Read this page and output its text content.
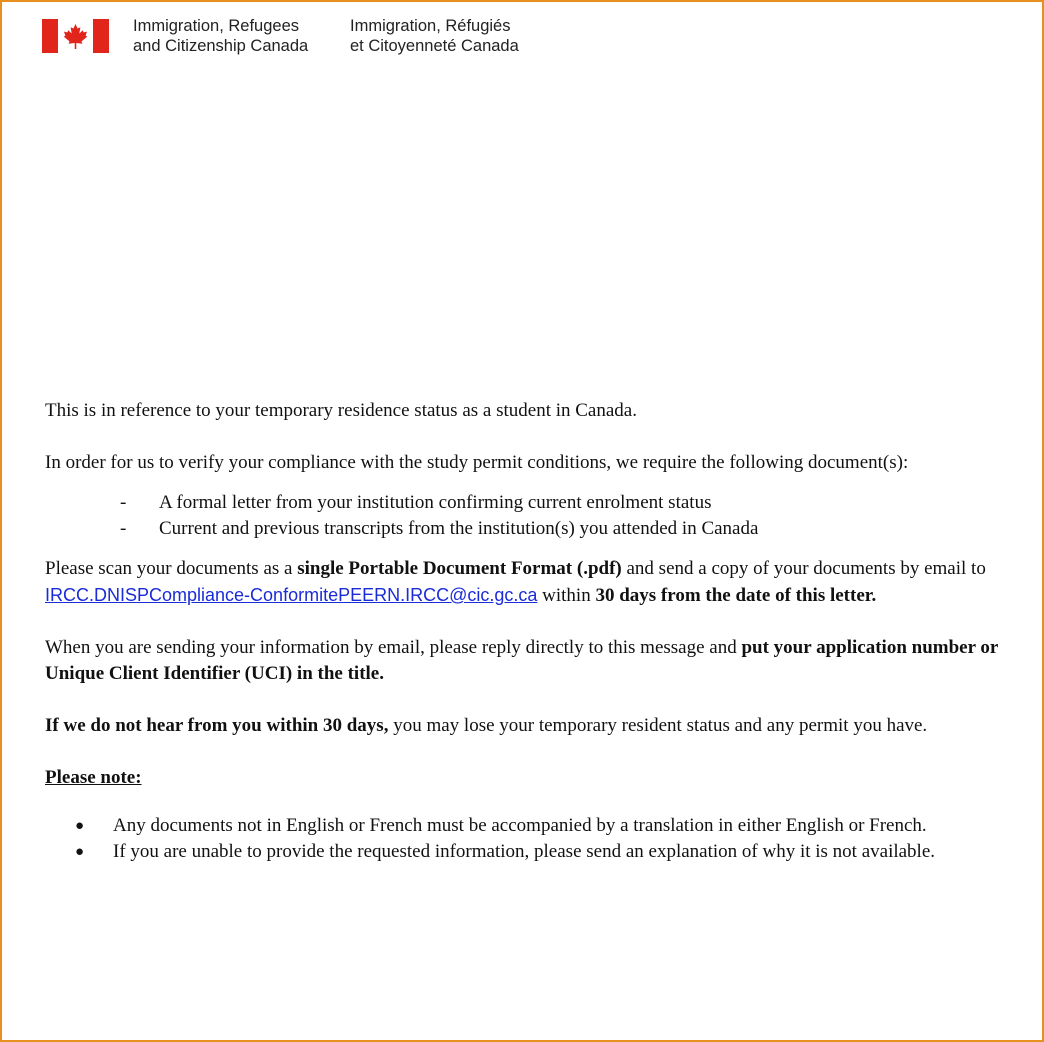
Immigration, Refugees
and Citizenship Canada
Immigration, Réfugiés
et Citoyenneté Canada

This is in reference to your temporary residence status as a student in Canada.

In order for us to verify your compliance with the study permit conditions, we require the following document(s):

- A formal letter from your institution confirming current enrolment status
- Current and previous transcripts from the institution(s) you attended in Canada

Please scan your documents as a single Portable Document Format (.pdf) and send a copy of your documents by email to IRCC.DNISPCompliance-ConformitePEERN.IRCC@cic.gc.ca within 30 days from the date of this letter.

When you are sending your information by email, please reply directly to this message and put your application number or Unique Client Identifier (UCI) in the title.

If we do not hear from you within 30 days, you may lose your temporary resident status and any permit you have.

Please note:

● Any documents not in English or French must be accompanied by a translation in either English or French.
● If you are unable to provide the requested information, please send an explanation of why it is not available.
